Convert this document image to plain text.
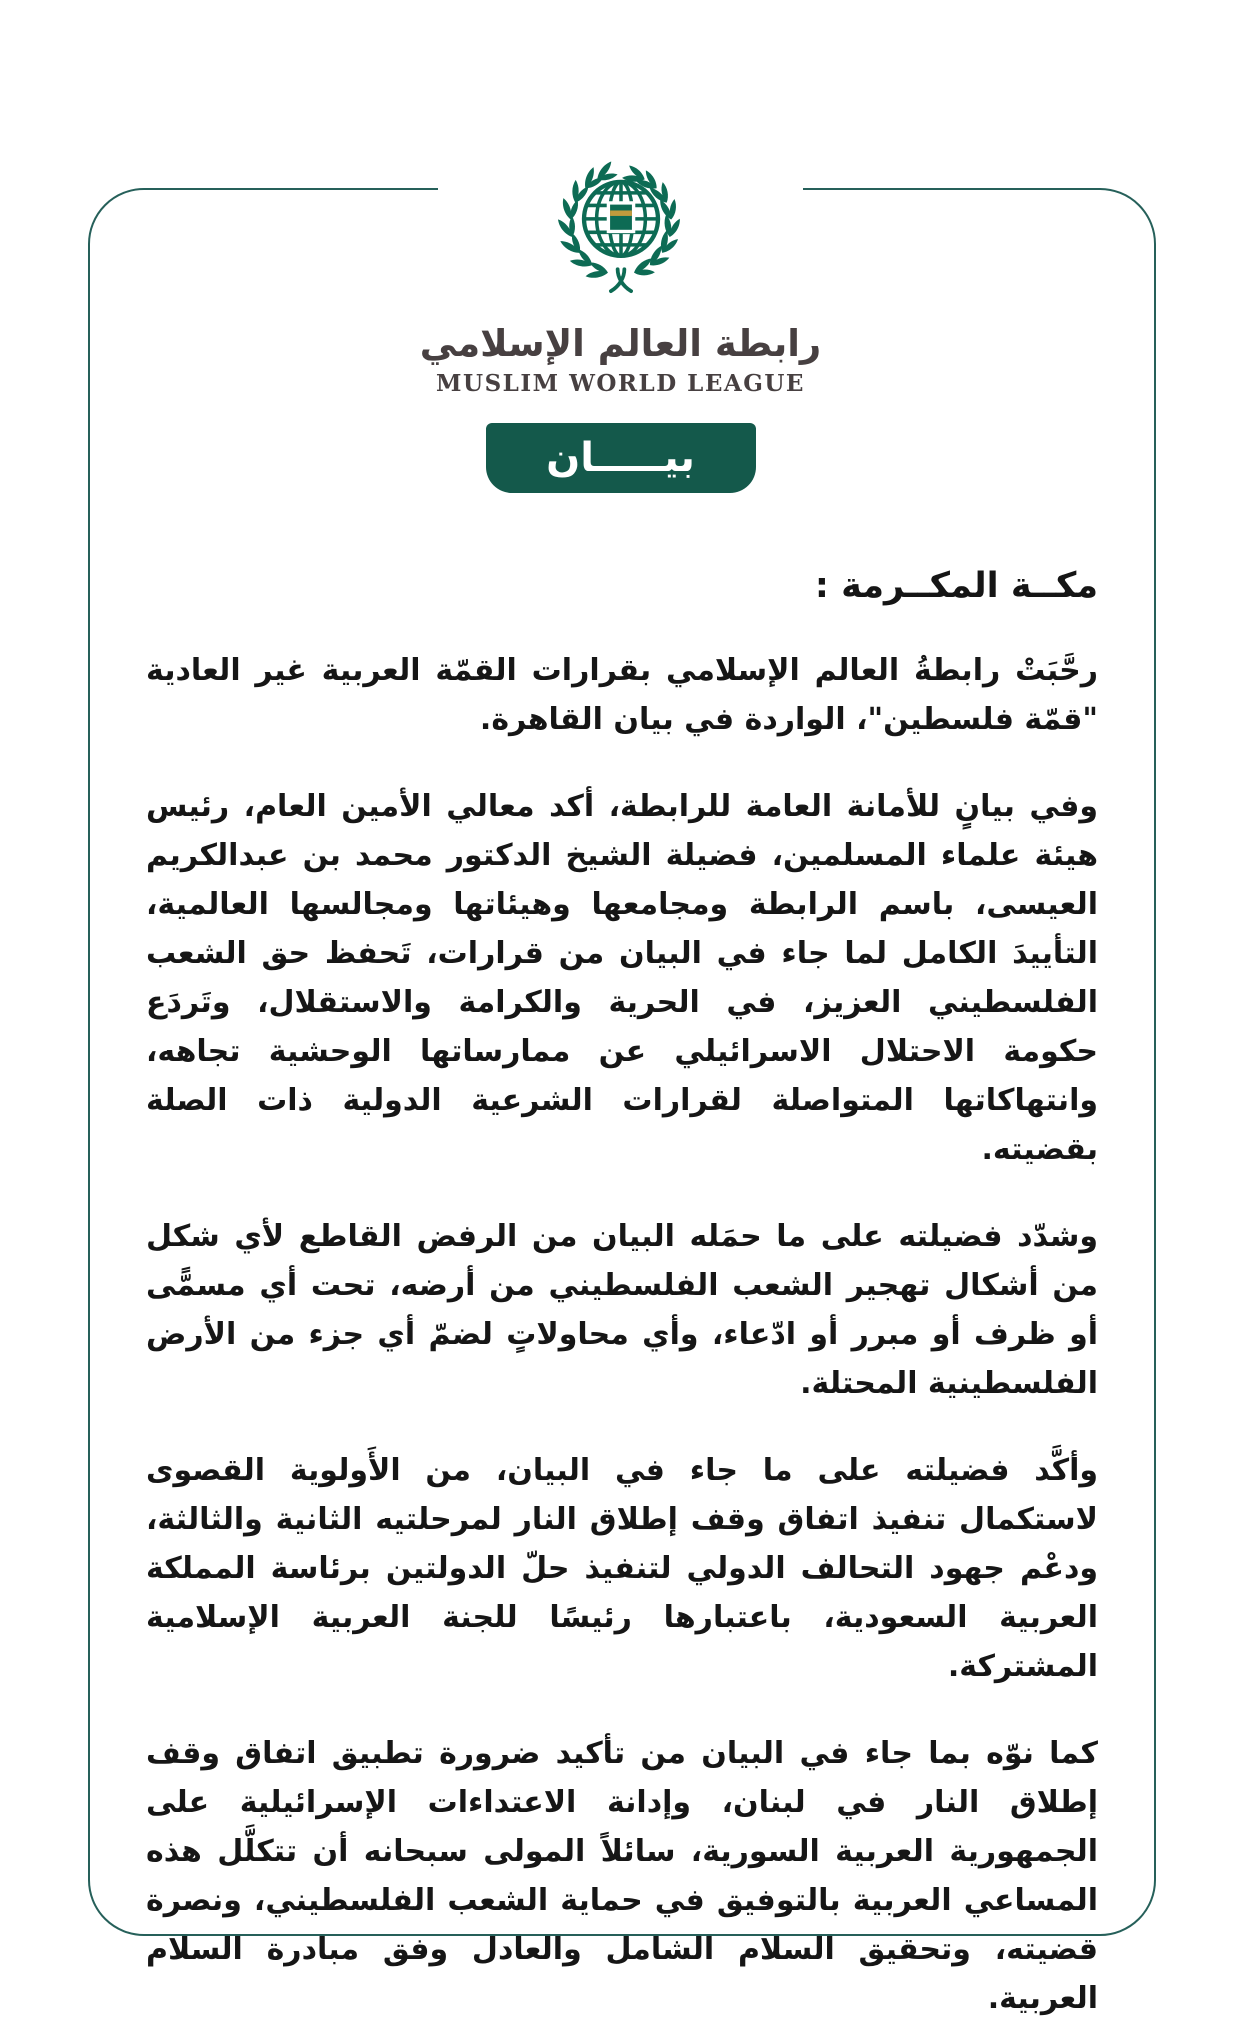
رابطة العالم الإسلامي
MUSLIM WORLD LEAGUE
بيـــــان
مكــة المكــرمة :

رحَّبَتْ رابطةُ العالم الإسلامي بقرارات القمّة العربية غير العادية "قمّة فلسطين"، الواردة في بيان القاهرة.

وفي بيانٍ للأمانة العامة للرابطة، أكد معالي الأمين العام، رئيس هيئة علماء المسلمين، فضيلة الشيخ الدكتور محمد بن عبدالكريم العيسى، باسم الرابطة ومجامعها وهيئاتها ومجالسها العالمية، التأييدَ الكامل لما جاء في البيان من قرارات، تَحفظ حق الشعب الفلسطيني العزيز، في الحرية والكرامة والاستقلال، وتَردَع حكومة الاحتلال الاسرائيلي عن ممارساتها الوحشية تجاهه، وانتهاكاتها المتواصلة لقرارات الشرعية الدولية ذات الصلة بقضيته.

وشدّد فضيلته على ما حمَله البيان من الرفض القاطع لأي شكل من أشكال تهجير الشعب الفلسطيني من أرضه، تحت أي مسمًّى أو ظرف أو مبرر أو ادّعاء، وأي محاولاتٍ لضمّ أي جزء من الأرض الفلسطينية المحتلة.

وأكَّد فضيلته على ما جاء في البيان، من الأَولوية القصوى لاستكمال تنفيذ اتفاق وقف إطلاق النار لمرحلتيه الثانية والثالثة، ودعْم جهود التحالف الدولي لتنفيذ حلّ الدولتين برئاسة المملكة العربية السعودية، باعتبارها رئيسًا للجنة العربية الإسلامية المشتركة.

كما نوّه بما جاء في البيان من تأكيد ضرورة تطبيق اتفاق وقف إطلاق النار في لبنان، وإدانة الاعتداءات الإسرائيلية على الجمهورية العربية السورية، سائلاً المولى سبحانه أن تتكلَّل هذه المساعي العربية بالتوفيق في حماية الشعب الفلسطيني، ونصرة قضيته، وتحقيق السلام الشامل والعادل وفق مبادرة السلام العربية.
